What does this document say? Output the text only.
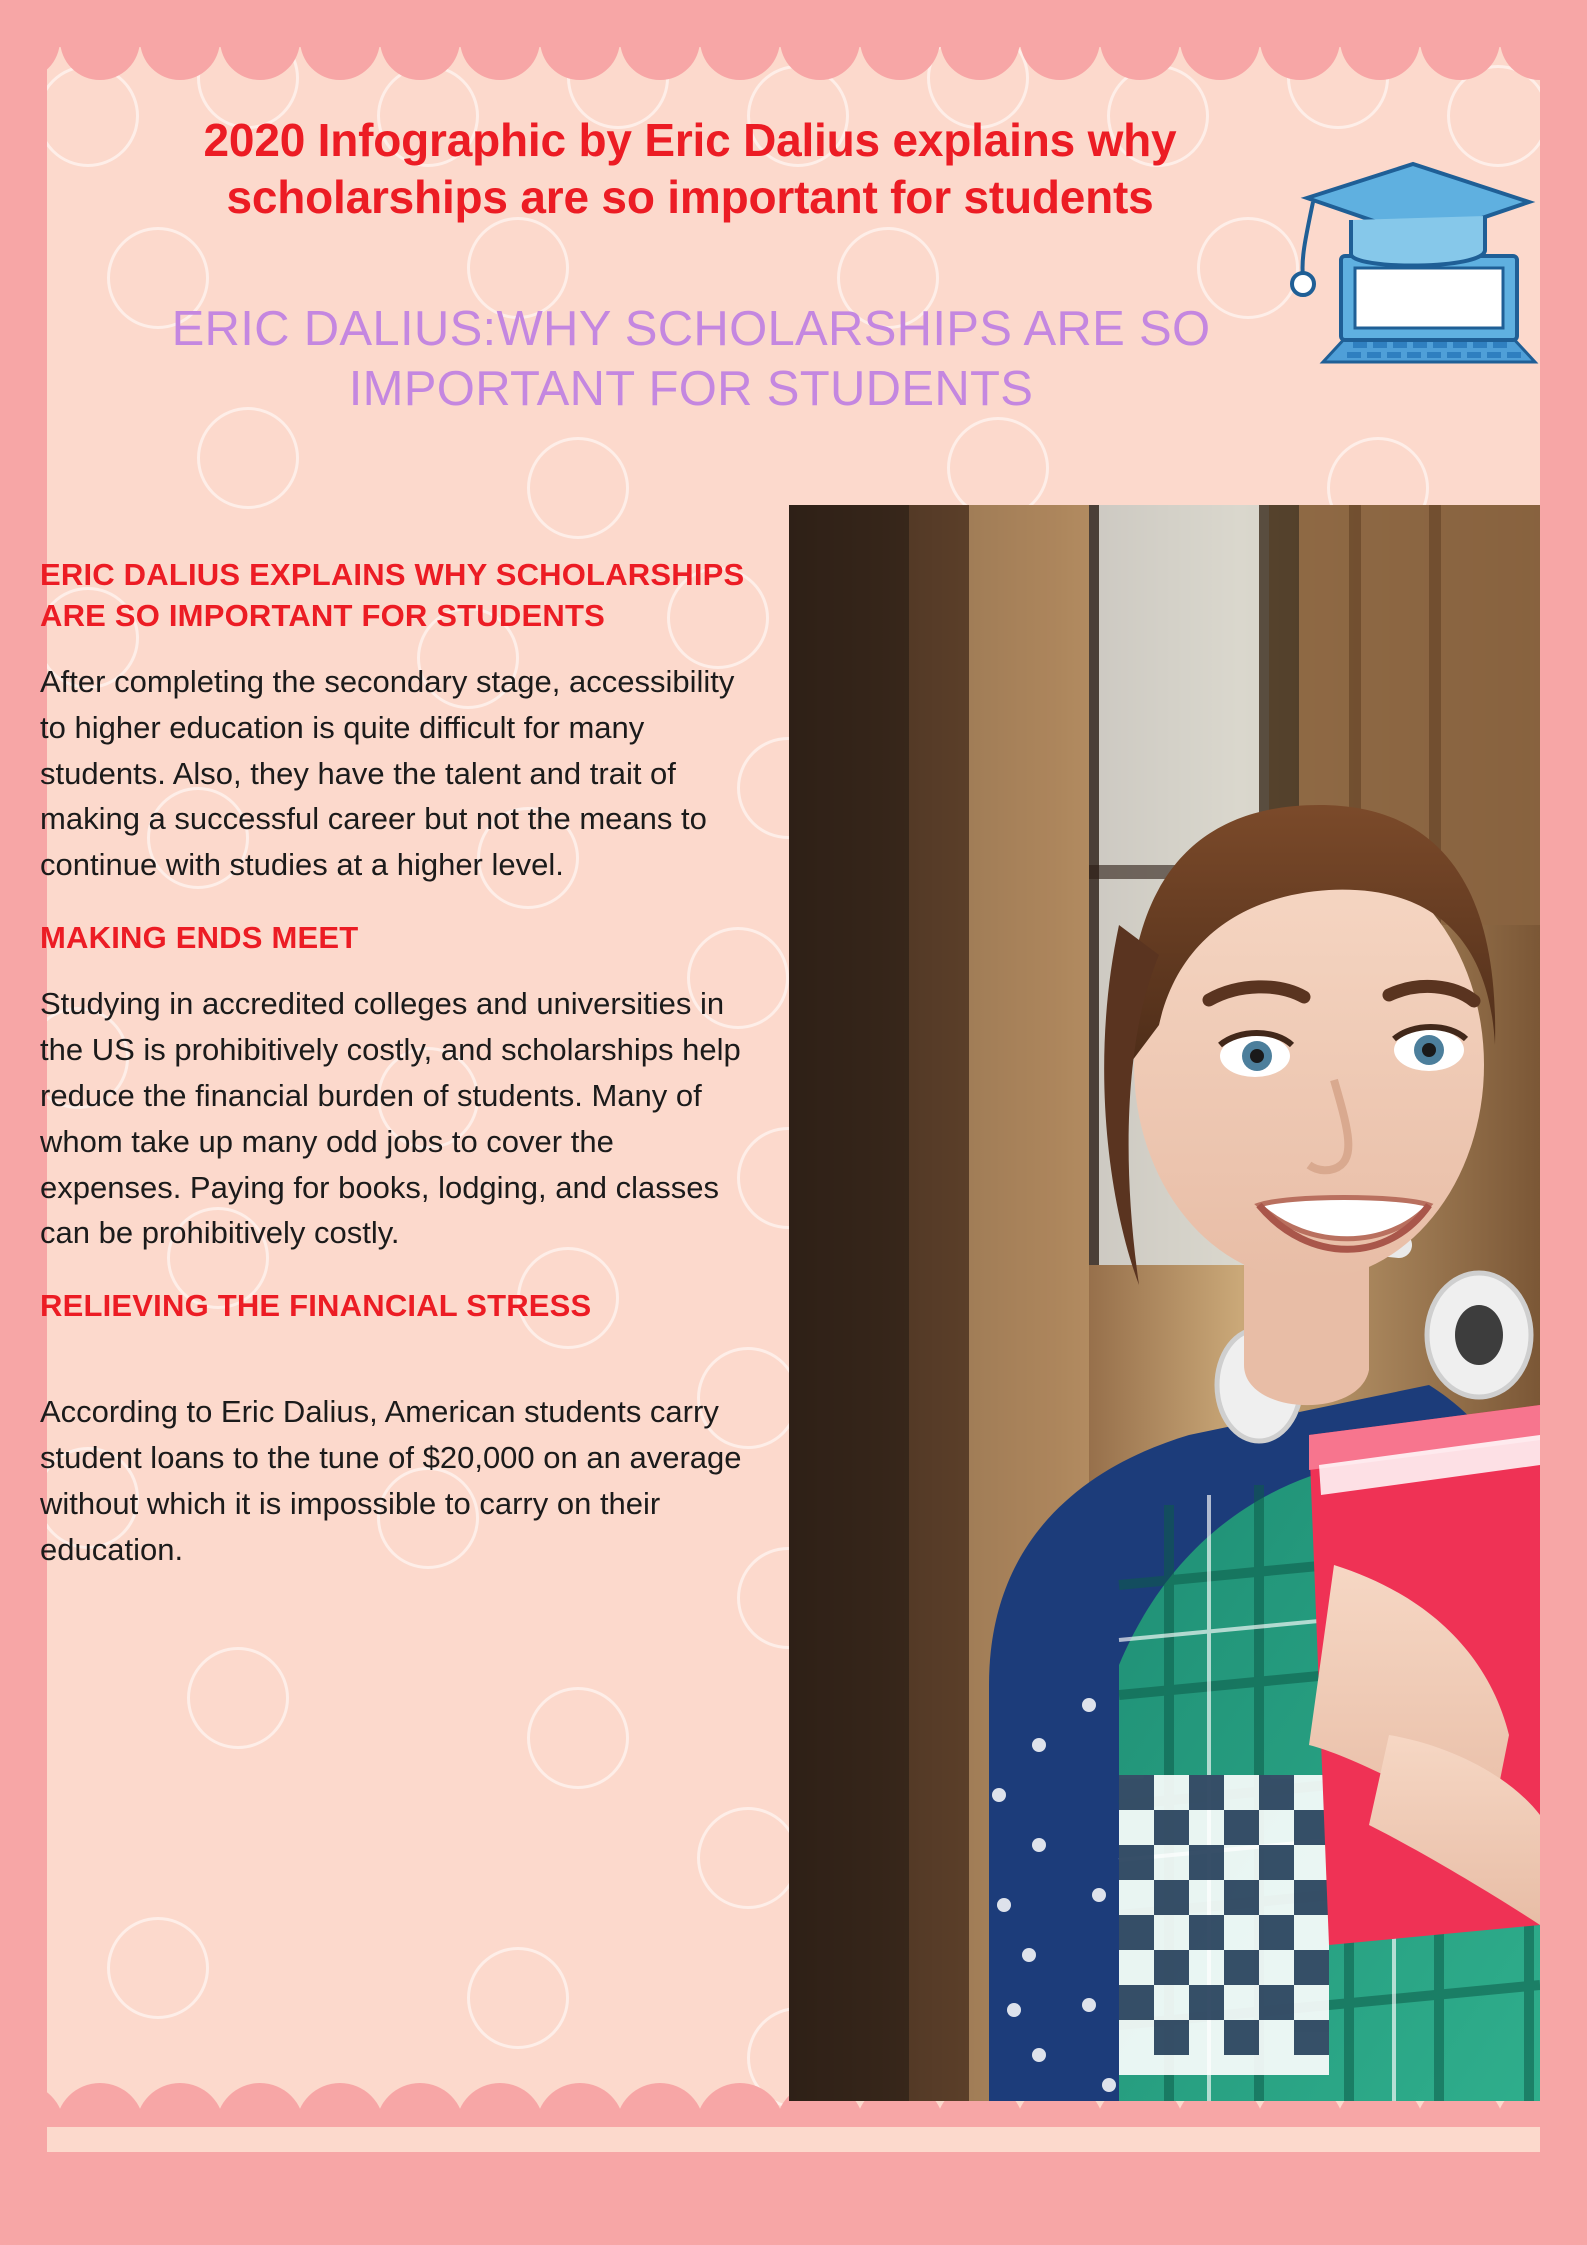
2020 Infographic by Eric Dalius explains why scholarships are so important for students
ERIC DALIUS:WHY SCHOLARSHIPS ARE SO IMPORTANT FOR STUDENTS
ERIC DALIUS EXPLAINS WHY SCHOLARSHIPS ARE SO IMPORTANT FOR STUDENTS
After completing the secondary stage, accessibility to higher education is quite difficult for many students. Also, they have the talent and trait of making a successful career but not the means to continue with studies at a higher level.
MAKING ENDS MEET
Studying in accredited colleges and universities in the US is prohibitively costly, and scholarships help reduce the financial burden of students. Many of whom take up many odd jobs to cover the expenses. Paying for books, lodging, and classes can be prohibitively costly.
RELIEVING THE FINANCIAL STRESS
According to Eric Dalius, American students carry student loans to the tune of $20,000 on an average without which it is impossible to carry on their education.
